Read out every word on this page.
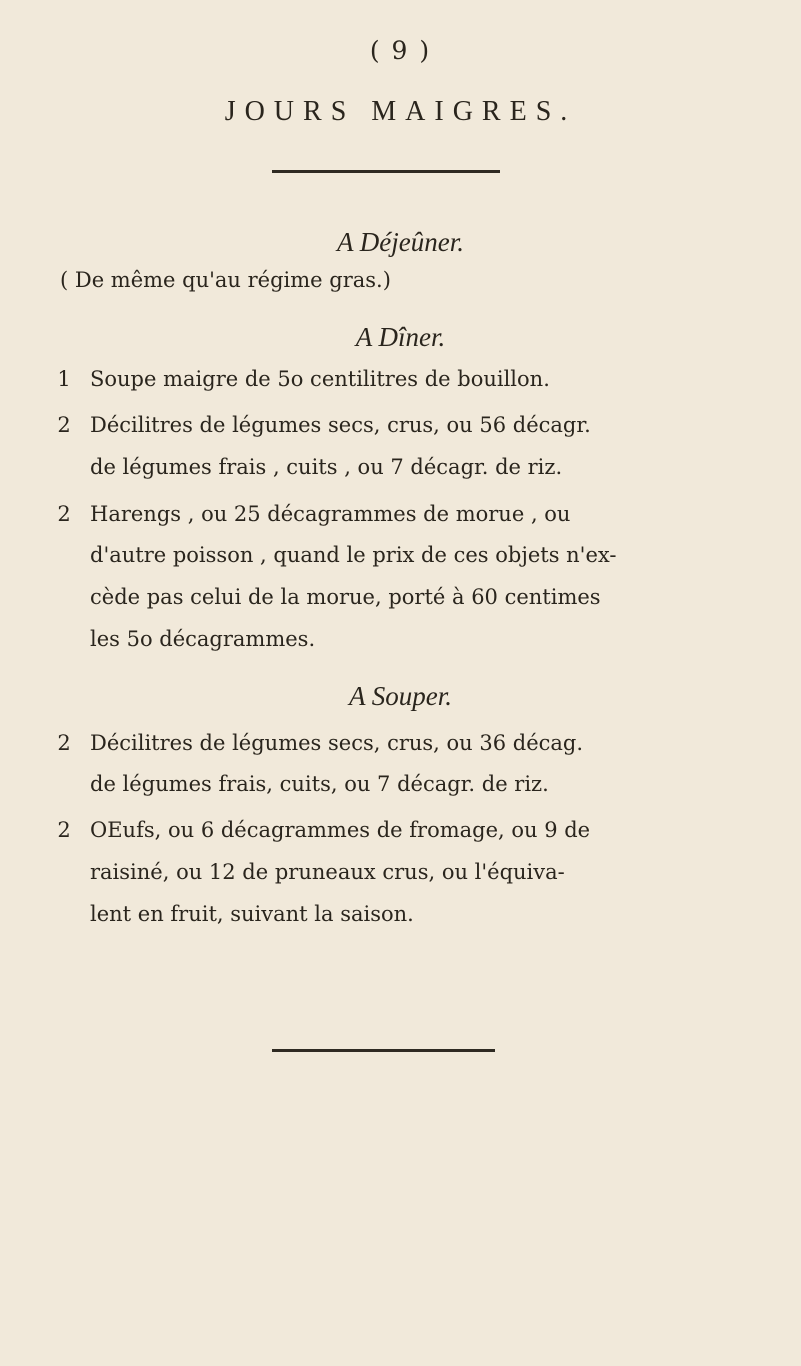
( 9 )
JOURS MAIGRES.
A Déjeûner.
( De même qu'au régime gras.)
A Dîner.
1 Soupe maigre de 5o centilitres de bouillon.
2 Décilitres de légumes secs, crus, ou 56 décagr.
de légumes frais , cuits , ou 7 décagr. de riz.
2 Harengs , ou 25 décagrammes de morue , ou
d'autre poisson , quand le prix de ces objets n'ex-
cède pas celui de la morue, porté à 60 centimes
les 5o décagrammes.
A Souper.
2 Décilitres de légumes secs, crus, ou 36 décag.
de légumes frais, cuits, ou 7 décagr. de riz.
2 OEufs, ou 6 décagrammes de fromage, ou 9 de
raisiné, ou 12 de pruneaux crus, ou l'équiva-
lent en fruit, suivant la saison.
